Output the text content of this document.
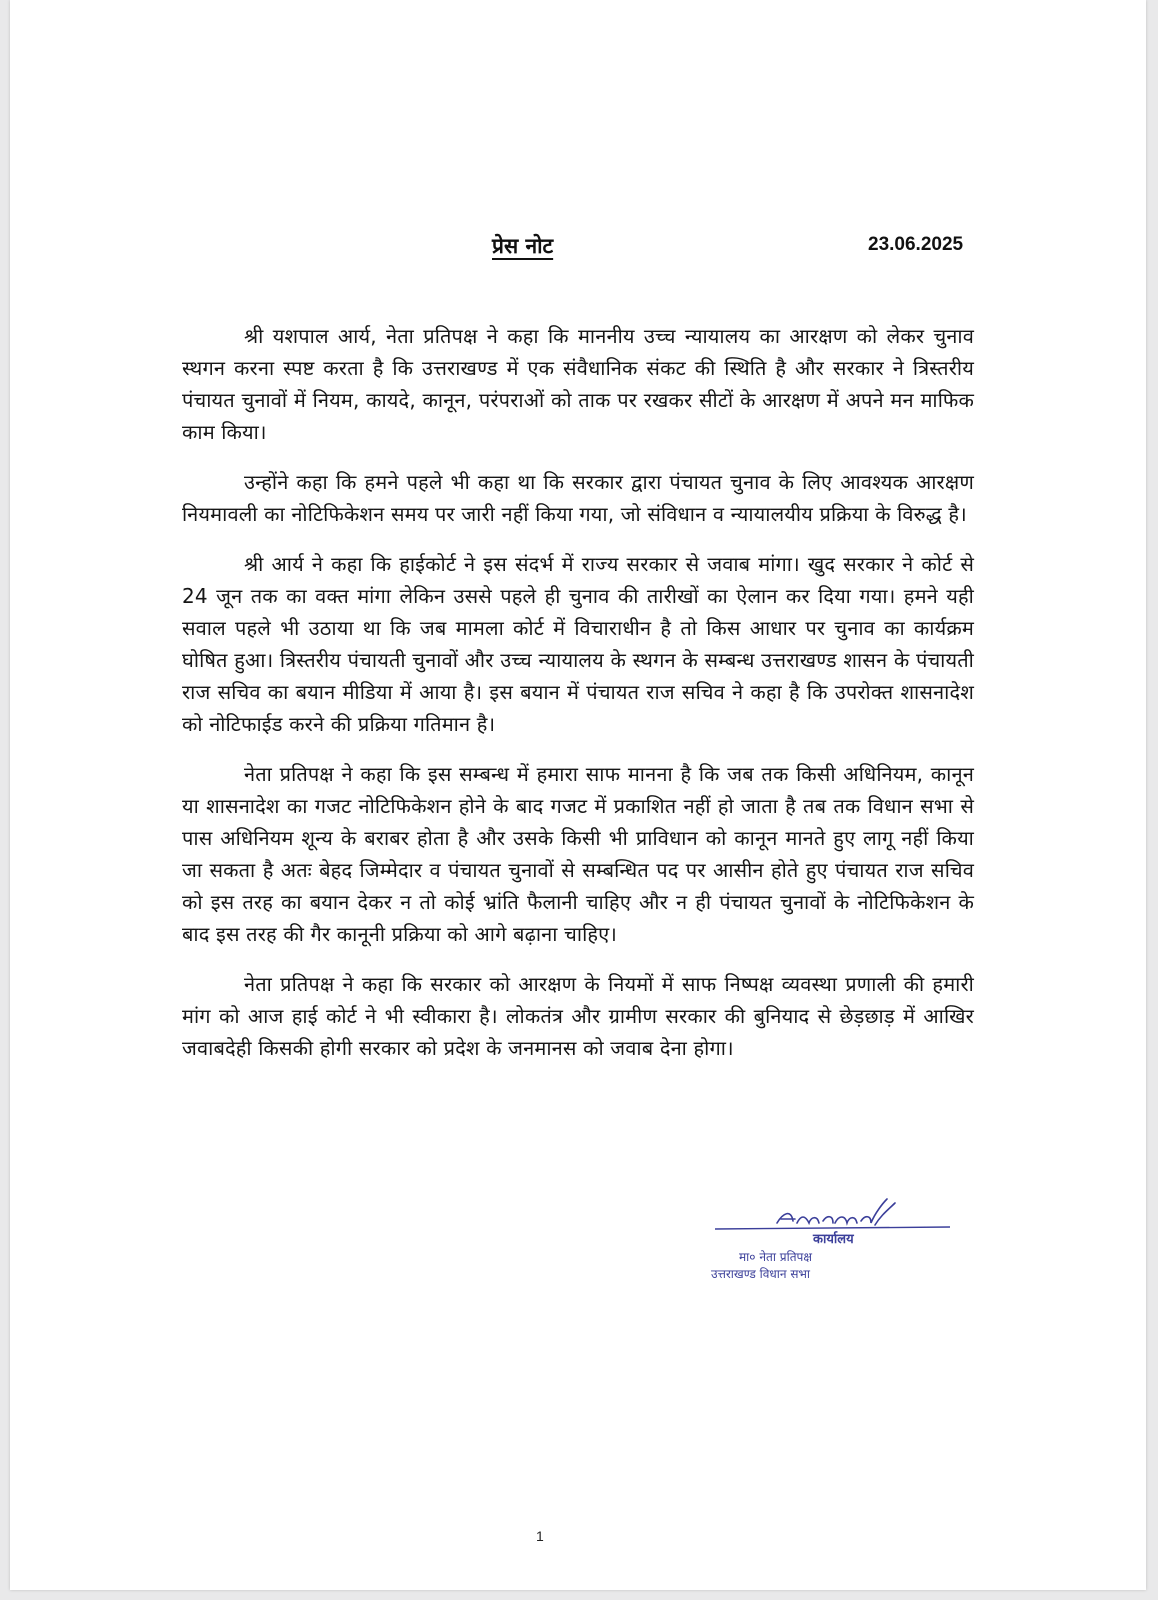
प्रेस नोट	23.06.2025

श्री यशपाल आर्य, नेता प्रतिपक्ष ने कहा कि माननीय उच्च न्यायालय का आरक्षण को लेकर चुनाव स्थगन करना स्पष्ट करता है कि उत्तराखण्ड में एक संवैधानिक संकट की स्थिति है और सरकार ने त्रिस्तरीय पंचायत चुनावों में नियम, कायदे, कानून, परंपराओं को ताक पर रखकर सीटों के आरक्षण में अपने मन माफिक काम किया।

उन्होंने कहा कि हमने पहले भी कहा था कि सरकार द्वारा पंचायत चुनाव के लिए आवश्यक आरक्षण नियमावली का नोटिफिकेशन समय पर जारी नहीं किया गया, जो संविधान व न्यायालयीय प्रक्रिया के विरुद्ध है।

श्री आर्य ने कहा कि हाईकोर्ट ने इस संदर्भ में राज्य सरकार से जवाब मांगा। खुद सरकार ने कोर्ट से 24 जून तक का वक्त मांगा लेकिन उससे पहले ही चुनाव की तारीखों का ऐलान कर दिया गया। हमने यही सवाल पहले भी उठाया था कि जब मामला कोर्ट में विचाराधीन है तो किस आधार पर चुनाव का कार्यक्रम घोषित हुआ। त्रिस्तरीय पंचायती चुनावों और उच्च न्यायालय के स्थगन के सम्बन्ध उत्तराखण्ड शासन के पंचायती राज सचिव का बयान मीडिया में आया है। इस बयान में पंचायत राज सचिव ने कहा है कि उपरोक्त शासनादेश को नोटिफाईड करने की प्रक्रिया गतिमान है।

नेता प्रतिपक्ष ने कहा कि इस सम्बन्ध में हमारा साफ मानना है कि जब तक किसी अधिनियम, कानून या शासनादेश का गजट नोटिफिकेशन होने के बाद गजट में प्रकाशित नहीं हो जाता है तब तक विधान सभा से पास अधिनियम शून्य के बराबर होता है और उसके किसी भी प्राविधान को कानून मानते हुए लागू नहीं किया जा सकता है अतः बेहद जिम्मेदार व पंचायत चुनावों से सम्बन्धित पद पर आसीन होते हुए पंचायत राज सचिव को इस तरह का बयान देकर न तो कोई भ्रांति फैलानी चाहिए और न ही पंचायत चुनावों के नोटिफिकेशन के बाद इस तरह की गैर कानूनी प्रक्रिया को आगे बढ़ाना चाहिए।

नेता प्रतिपक्ष ने कहा कि सरकार को आरक्षण के नियमों में साफ निष्पक्ष व्यवस्था प्रणाली की हमारी मांग को आज हाई कोर्ट ने भी स्वीकारा है। लोकतंत्र और ग्रामीण सरकार की बुनियाद से छेड़छाड़ में आखिर जवाबदेही किसकी होगी सरकार को प्रदेश के जनमानस को जवाब देना होगा।

कार्यालय
मा० नेता प्रतिपक्ष
उत्तराखण्ड विधान सभा
1
